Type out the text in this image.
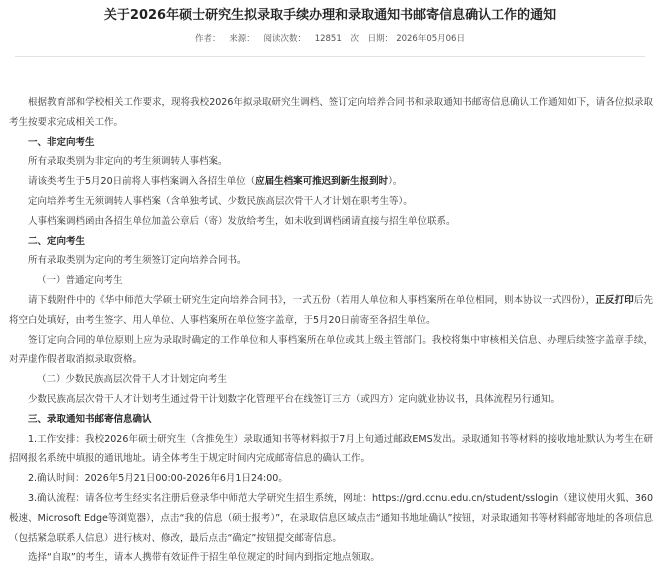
关于2026年硕士研究生拟录取手续办理和录取通知书邮寄信息确认工作的通知
作者： 来源： 阅读次数： 12851 次 日期： 2026年05月06日

根据教育部和学校相关工作要求，现将我校2026年拟录取研究生调档、签订定向培养合同书和录取通知书邮寄信息确认工作通知如下，请各位拟录取考生按要求完成相关工作。

一、非定向考生

所有录取类别为非定向的考生须调转人事档案。

请该类考生于5月20日前将人事档案调入各招生单位（应届生档案可推迟到新生报到时）。

定向培养考生无须调转人事档案（含单独考试、少数民族高层次骨干人才计划在职考生等）。

人事档案调档函由各招生单位加盖公章后（寄）发放给考生，如未收到调档函请直接与招生单位联系。

二、定向考生

所有录取类别为定向的考生须签订定向培养合同书。

（一）普通定向考生

请下载附件中的《华中师范大学硕士研究生定向培养合同书》，一式五份（若用人单位和人事档案所在单位相同，则本协议一式四份），正反打印后先将空白处填好，由考生签字、用人单位、人事档案所在单位签字盖章，于5月20日前寄至各招生单位。

签订定向合同的单位原则上应为录取时确定的工作单位和人事档案所在单位或其上级主管部门。我校将集中审核相关信息、办理后续签字盖章手续，对弄虚作假者取消拟录取资格。

（二）少数民族高层次骨干人才计划定向考生

少数民族高层次骨干人才计划考生通过骨干计划数字化管理平台在线签订三方（或四方）定向就业协议书，具体流程另行通知。

三、录取通知书邮寄信息确认

1.工作安排：我校2026年硕士研究生（含推免生）录取通知书等材料拟于7月上旬通过邮政EMS发出。录取通知书等材料的接收地址默认为考生在研招网报名系统中填报的通讯地址。请全体考生于规定时间内完成邮寄信息的确认工作。

2.确认时间：2026年5月21日00:00-2026年6月1日24:00。

3.确认流程：请各位考生经实名注册后登录华中师范大学研究生招生系统，网址：https://grd.ccnu.edu.cn/student/sslogin（建议使用火狐、360极速、Microsoft Edge等浏览器），点击“我的信息（硕士报考）”，在录取信息区域点击“通知书地址确认”按钮，对录取通知书等材料邮寄地址的各项信息（包括紧急联系人信息）进行核对、修改，最后点击“确定”按钮提交邮寄信息。

选择“自取”的考生，请本人携带有效证件于招生单位规定的时间内到指定地点领取。
